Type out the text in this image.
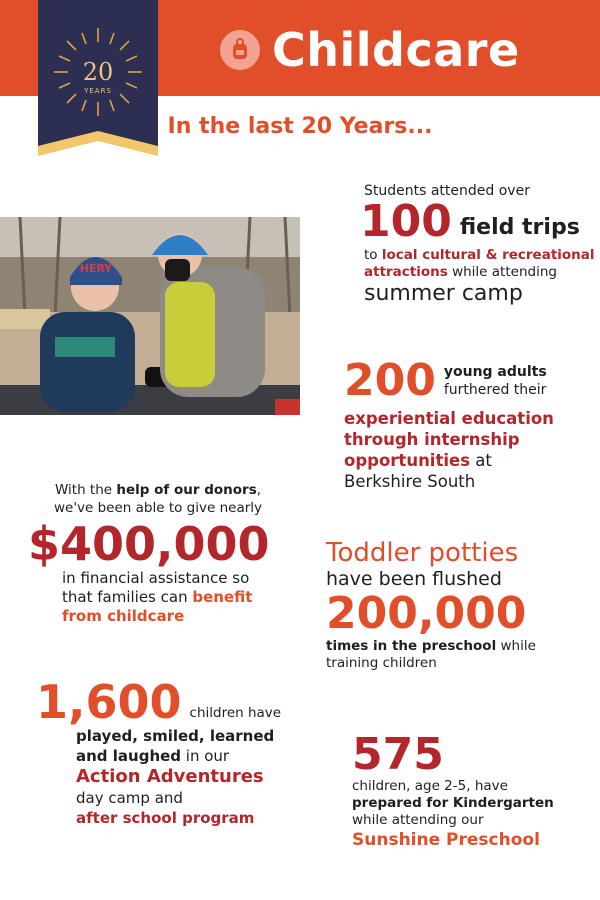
20
YEARS
Childcare
In the last 20 Years...
HERY
Students attended over
100 field trips
to local cultural & recreational attractions while attending
summer camp
200 young adults
furthered their
experiential education through internship opportunities at
Berkshire South
With the help of our donors,
we've been able to give nearly
$400,000
in financial assistance so
that families can benefit
from childcare
Toddler potties
have been flushed
200,000
times in the preschool while
training children
1,600 children have
played, smiled, learned
and laughed in our
Action Adventures
day camp and
after school program
575
children, age 2-5, have
prepared for Kindergarten
while attending our
Sunshine Preschool
